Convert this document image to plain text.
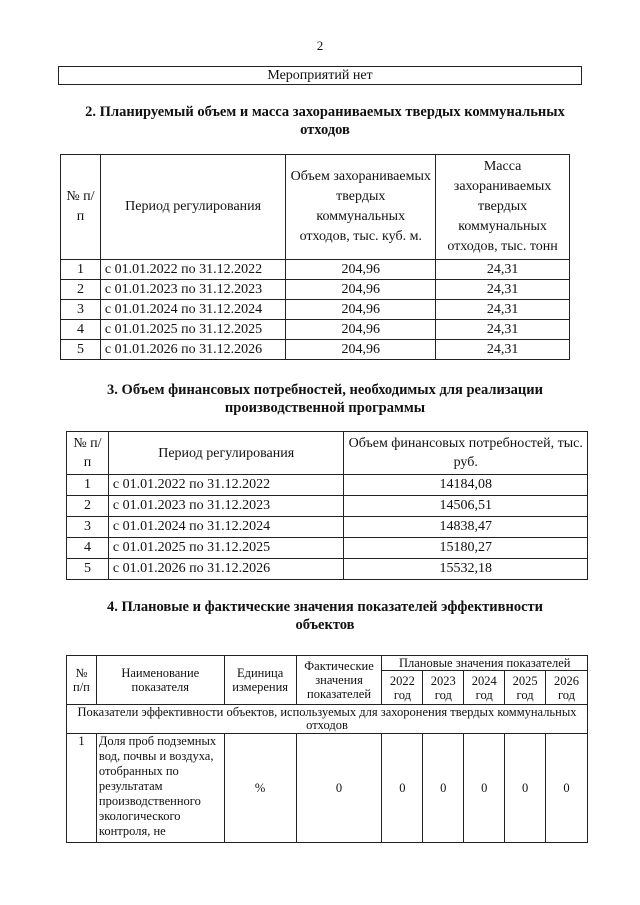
2
Мероприятий нет
2. Планируемый объем и масса захораниваемых твердых коммунальных
отходов
№ п/п	Период регулирования	Объем захораниваемых твердых коммунальных отходов, тыс. куб. м.	Масса захораниваемых твердых коммунальных отходов, тыс. тонн
1	с 01.01.2022 по 31.12.2022	204,96	24,31
2	с 01.01.2023 по 31.12.2023	204,96	24,31
3	с 01.01.2024 по 31.12.2024	204,96	24,31
4	с 01.01.2025 по 31.12.2025	204,96	24,31
5	с 01.01.2026 по 31.12.2026	204,96	24,31
3. Объем финансовых потребностей, необходимых для реализации
производственной программы
№ п/п	Период регулирования	Объем финансовых потребностей, тыс. руб.
1	с 01.01.2022 по 31.12.2022	14184,08
2	с 01.01.2023 по 31.12.2023	14506,51
3	с 01.01.2024 по 31.12.2024	14838,47
4	с 01.01.2025 по 31.12.2025	15180,27
5	с 01.01.2026 по 31.12.2026	15532,18
4. Плановые и фактические значения показателей эффективности
объектов
№ п/п	Наименование показателя	Единица измерения	Фактические значения показателей	Плановые значения показателей				
				2022 год	2023 год	2024 год	2025 год	2026 год
Показатели эффективности объектов, используемых для захоронения твердых коммунальных отходов								
1	Доля проб подземных вод, почвы и воздуха, отобранных по результатам производственного экологического контроля, не	%	0	0	0	0	0	0
